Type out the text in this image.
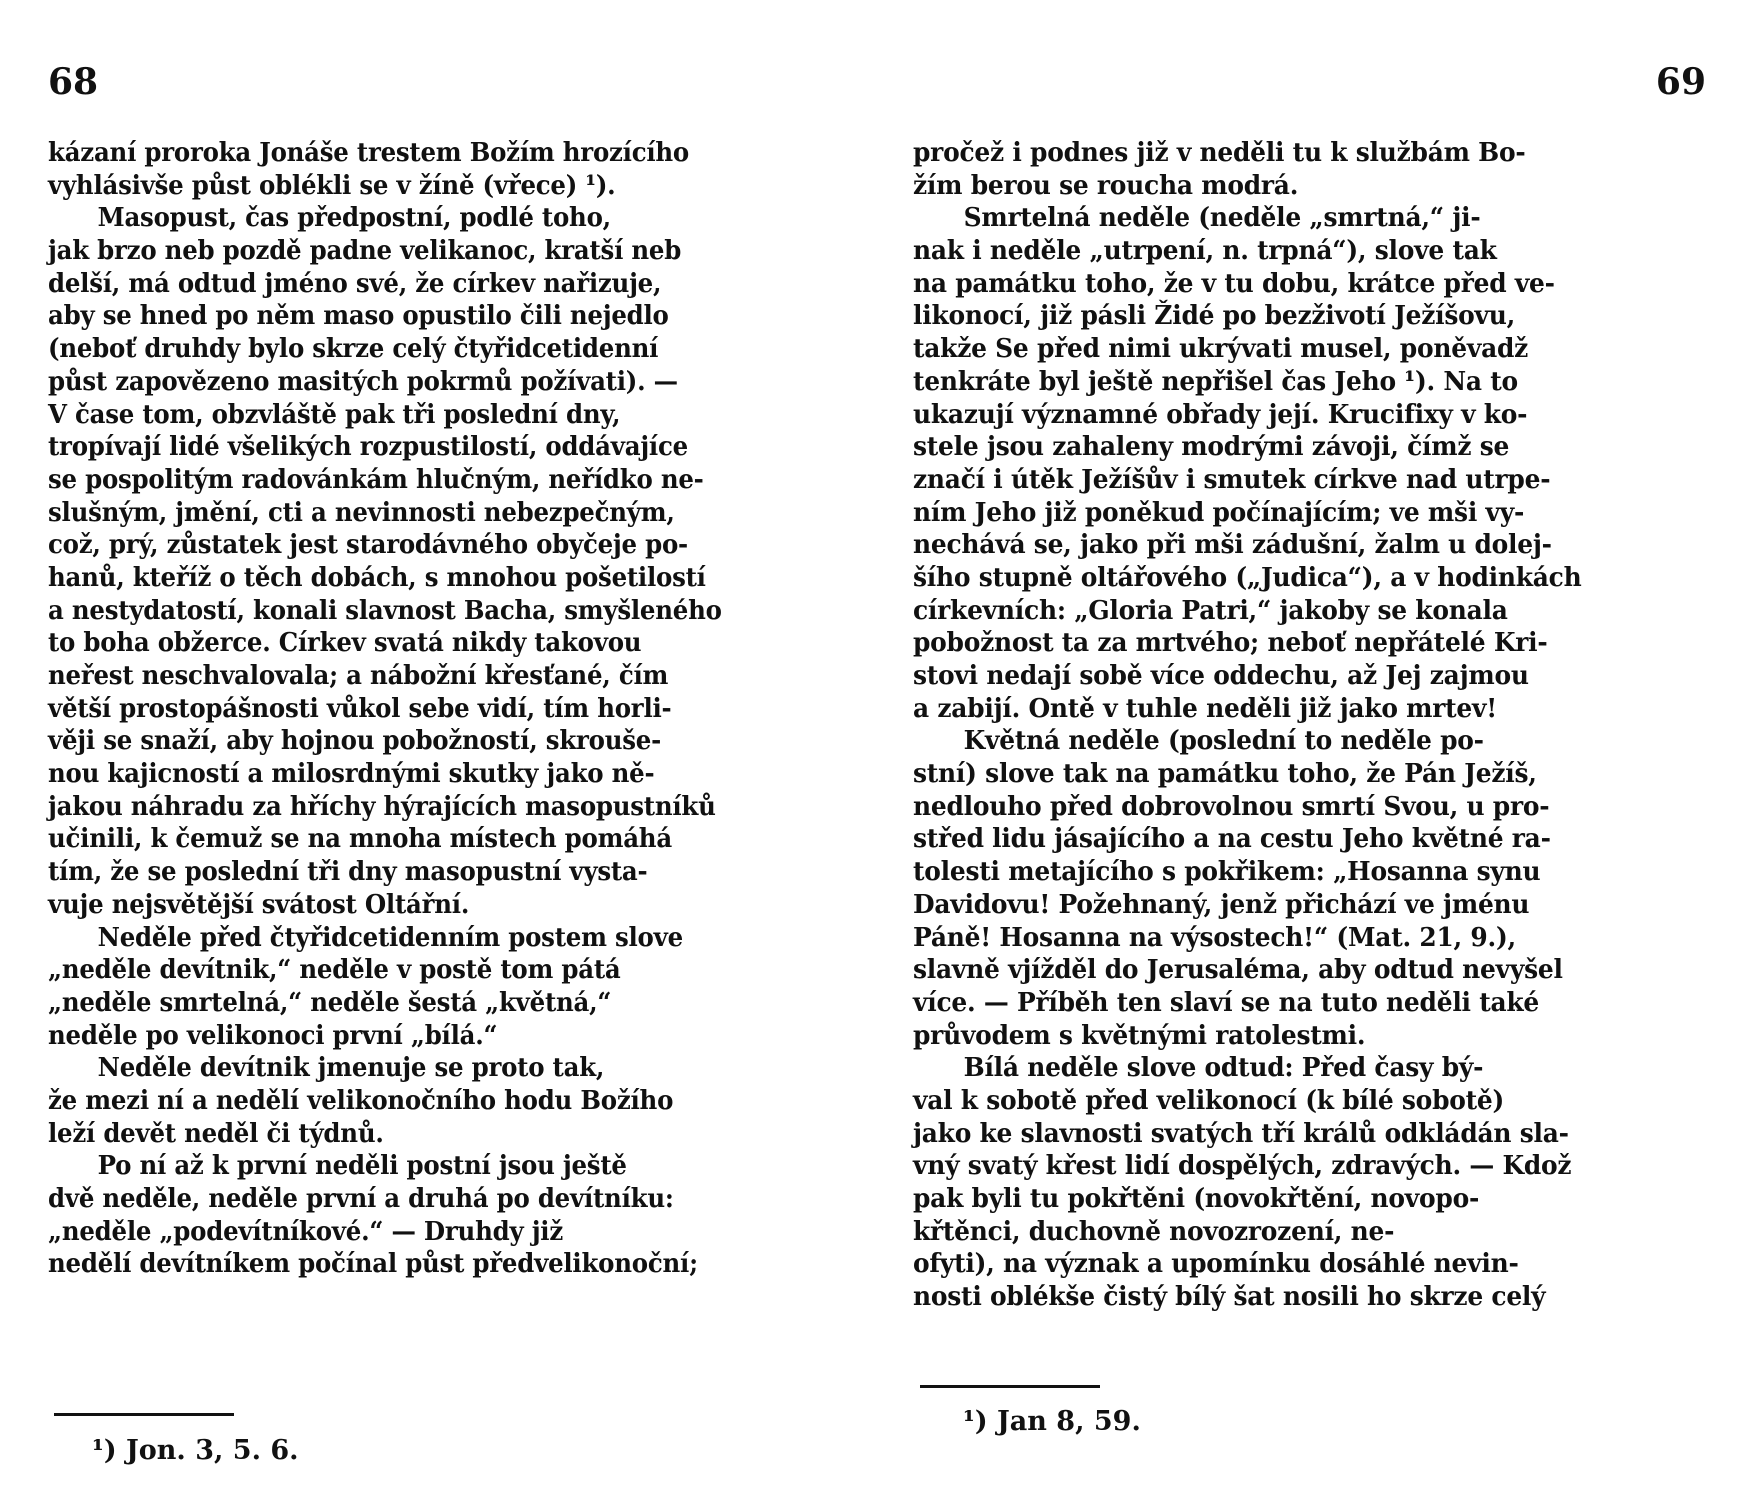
68
kázaní proroka Jonáše trestem Božím hrozícího
vyhlásivše půst oblékli se v žíně (vřece) ¹).
Masopust, čas předpostní, podlé toho,
jak brzo neb pozdě padne velikanoc, kratší neb
delší, má odtud jméno své, že církev nařizuje,
aby se hned po něm maso opustilo čili nejedlo
(neboť druhdy bylo skrze celý čtyřidcetidenní
půst zapovězeno masitých pokrmů požívati). —
V čase tom, obzvláště pak tři poslední dny,
tropívají lidé všelikých rozpustilostí, oddávajíce
se pospolitým radovánkám hlučným, neřídko ne-
slušným, jmění, cti a nevinnosti nebezpečným,
což, prý, zůstatek jest starodávného obyčeje po-
hanů, kteříž o těch dobách, s mnohou pošetilostí
a nestydatostí, konali slavnost Bacha, smyšleného
to boha obžerce. Církev svatá nikdy takovou
neřest neschvalovala; a nábožní křesťané, čím
větší prostopášnosti vůkol sebe vidí, tím horli-
věji se snaží, aby hojnou pobožností, skrouše-
nou kajicností a milosrdnými skutky jako ně-
jakou náhradu za hříchy hýrajících masopustníků
učinili, k čemuž se na mnoha místech pomáhá
tím, že se poslední tři dny masopustní vysta-
vuje nejsvětější svátost Oltářní.
Neděle před čtyřidcetidenním postem slove
„neděle devítnik,“ neděle v postě tom pátá
„neděle smrtelná,“ neděle šestá „květná,“
neděle po velikonoci první „bílá.“
Neděle devítnik jmenuje se proto tak,
že mezi ní a nedělí velikonočního hodu Božího
leží devět neděl či týdnů.
Po ní až k první neděli postní jsou ještě
dvě neděle, neděle první a druhá po devítníku:
„neděle „podevítníkové.“ — Druhdy již
nedělí devítníkem počínal půst předvelikonoční;
¹) Jon. 3, 5. 6.
69
pročež i podnes již v neděli tu k službám Bo-
žím berou se roucha modrá.
Smrtelná neděle (neděle „smrtná,“ ji-
nak i neděle „utrpení, n. trpná“), slove tak
na památku toho, že v tu dobu, krátce před ve-
likonocí, již pásli Židé po bezživotí Ježíšovu,
takže Se před nimi ukrývati musel, poněvadž
tenkráte byl ještě nepřišel čas Jeho ¹). Na to
ukazují významné obřady její. Krucifixy v ko-
stele jsou zahaleny modrými závoji, čímž se
značí i útěk Ježíšův i smutek církve nad utrpe-
ním Jeho již poněkud počínajícím; ve mši vy-
nechává se, jako při mši zádušní, žalm u dolej-
šího stupně oltářového („Judica“), a v hodinkách
církevních: „Gloria Patri,“ jakoby se konala
pobožnost ta za mrtvého; neboť nepřátelé Kri-
stovi nedají sobě více oddechu, až Jej zajmou
a zabijí. Ontě v tuhle neděli již jako mrtev!
Květná neděle (poslední to neděle po-
stní) slove tak na památku toho, že Pán Ježíš,
nedlouho před dobrovolnou smrtí Svou, u pro-
střed lidu jásajícího a na cestu Jeho květné ra-
tolesti metajícího s pokřikem: „Hosanna synu
Davidovu! Požehnaný, jenž přichází ve jménu
Páně! Hosanna na výsostech!“ (Mat. 21, 9.),
slavně vjížděl do Jerusaléma, aby odtud nevyšel
více. — Příběh ten slaví se na tuto neděli také
průvodem s květnými ratolestmi.
Bílá neděle slove odtud: Před časy bý-
val k sobotě před velikonocí (k bílé sobotě)
jako ke slavnosti svatých tří králů odkládán sla-
vný svatý křest lidí dospělých, zdravých. — Kdož
pak byli tu pokřtěni (novokřtění, novopo-
křtěnci, duchovně novozrození, ne-
ofyti), na význak a upomínku dosáhlé nevin-
nosti oblékše čistý bílý šat nosili ho skrze celý
¹) Jan 8, 59.
